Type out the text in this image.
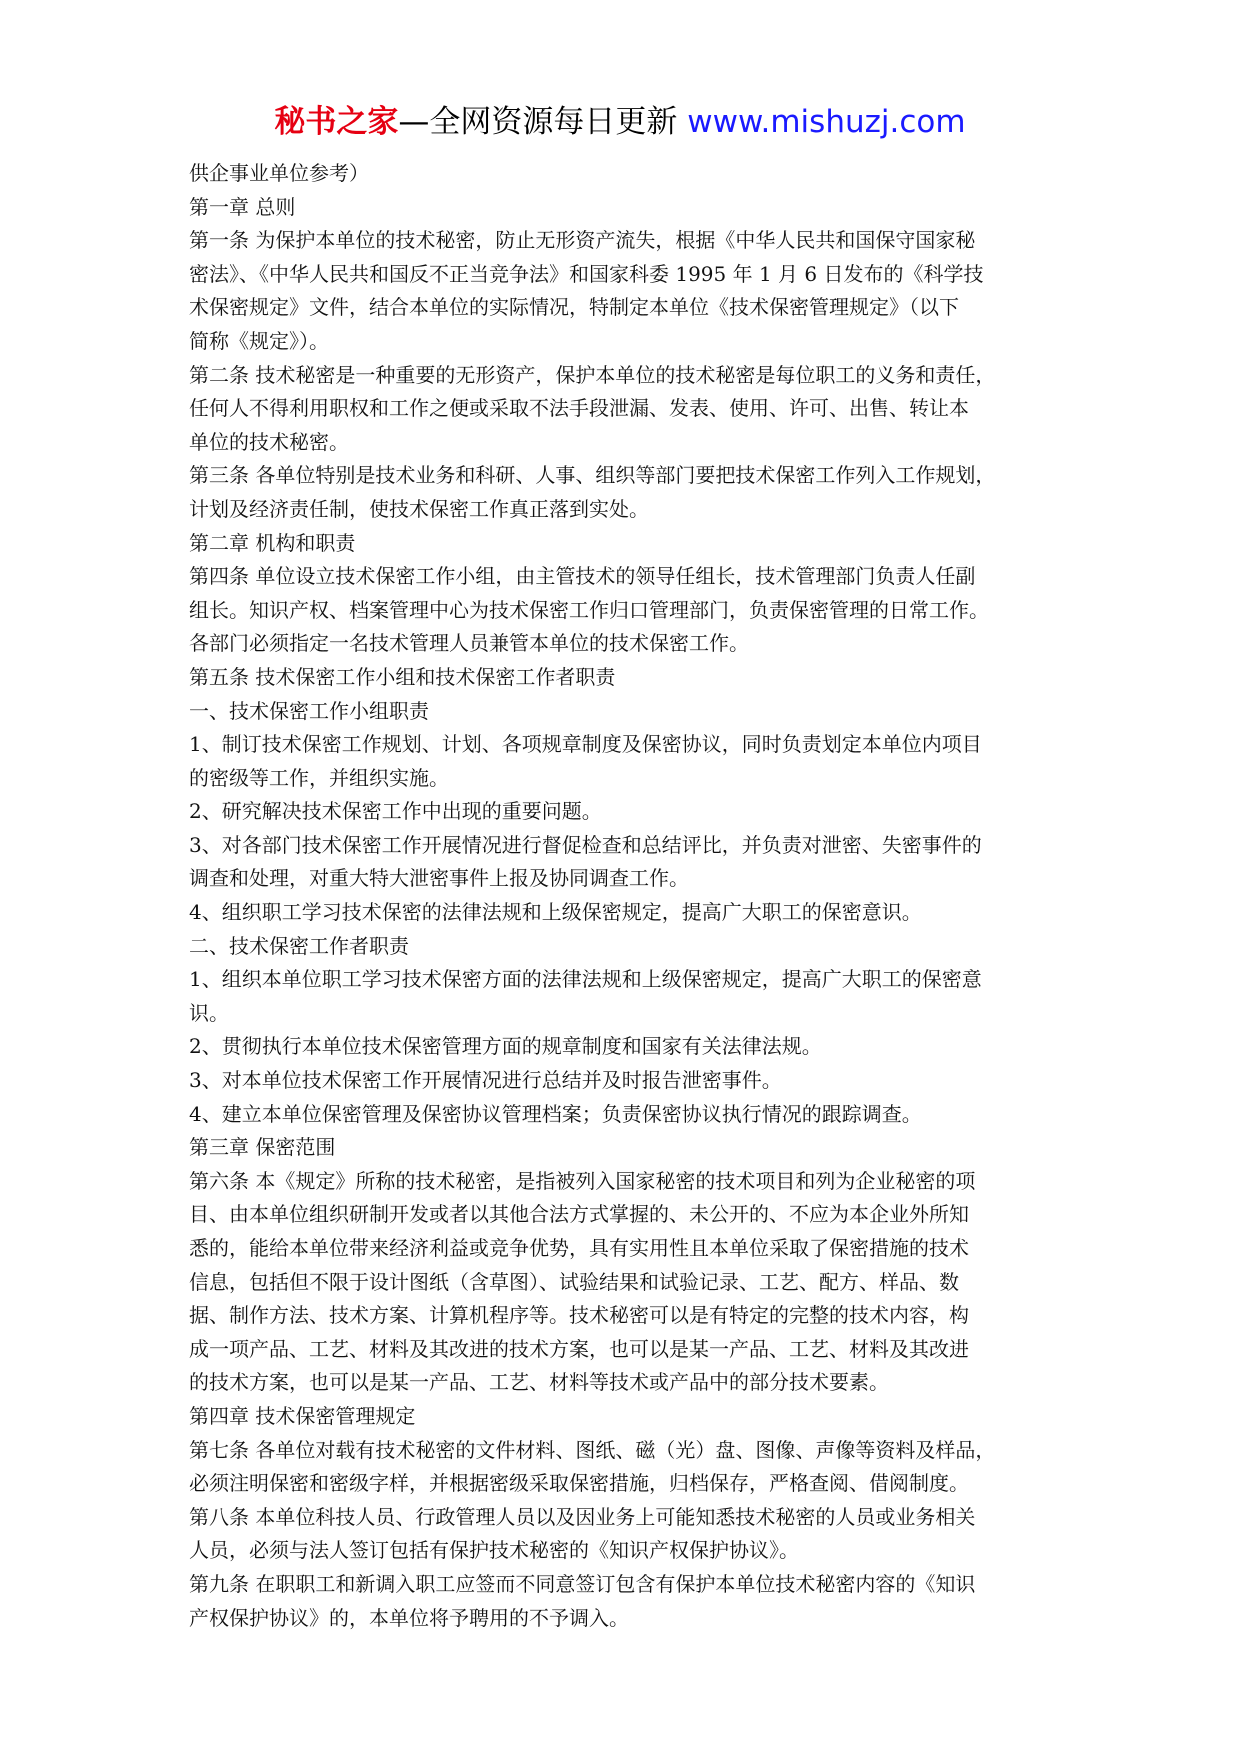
秘书之家—全网资源每日更新 www.mishuzj.com

供企事业单位参考）

第一章 总则

第一条 为保护本单位的技术秘密，防止无形资产流失，根据《中华人民共和国保守国家秘

密法》、《中华人民共和国反不正当竞争法》和国家科委 1995 年 1 月 6 日发布的《科学技

术保密规定》文件，结合本单位的实际情况，特制定本单位《技术保密管理规定》（以下

简称《规定》）。

第二条 技术秘密是一种重要的无形资产，保护本单位的技术秘密是每位职工的义务和责任，

任何人不得利用职权和工作之便或采取不法手段泄漏、发表、使用、许可、出售、转让本

单位的技术秘密。

第三条 各单位特别是技术业务和科研、人事、组织等部门要把技术保密工作列入工作规划，

计划及经济责任制，使技术保密工作真正落到实处。

第二章 机构和职责

第四条 单位设立技术保密工作小组，由主管技术的领导任组长，技术管理部门负责人任副

组长。知识产权、档案管理中心为技术保密工作归口管理部门，负责保密管理的日常工作。

各部门必须指定一名技术管理人员兼管本单位的技术保密工作。

第五条 技术保密工作小组和技术保密工作者职责

一、技术保密工作小组职责

1、制订技术保密工作规划、计划、各项规章制度及保密协议，同时负责划定本单位内项目

的密级等工作，并组织实施。

2、研究解决技术保密工作中出现的重要问题。

3、对各部门技术保密工作开展情况进行督促检查和总结评比，并负责对泄密、失密事件的

调查和处理，对重大特大泄密事件上报及协同调查工作。

4、组织职工学习技术保密的法律法规和上级保密规定，提高广大职工的保密意识。

二、技术保密工作者职责

1、组织本单位职工学习技术保密方面的法律法规和上级保密规定，提高广大职工的保密意

识。

2、贯彻执行本单位技术保密管理方面的规章制度和国家有关法律法规。

3、对本单位技术保密工作开展情况进行总结并及时报告泄密事件。

4、建立本单位保密管理及保密协议管理档案；负责保密协议执行情况的跟踪调查。

第三章 保密范围

第六条 本《规定》所称的技术秘密，是指被列入国家秘密的技术项目和列为企业秘密的项

目、由本单位组织研制开发或者以其他合法方式掌握的、未公开的、不应为本企业外所知

悉的，能给本单位带来经济利益或竞争优势，具有实用性且本单位采取了保密措施的技术

信息，包括但不限于设计图纸（含草图）、试验结果和试验记录、工艺、配方、样品、数

据、制作方法、技术方案、计算机程序等。技术秘密可以是有特定的完整的技术内容，构

成一项产品、工艺、材料及其改进的技术方案，也可以是某一产品、工艺、材料及其改进

的技术方案，也可以是某一产品、工艺、材料等技术或产品中的部分技术要素。

第四章 技术保密管理规定

第七条 各单位对载有技术秘密的文件材料、图纸、磁（光）盘、图像、声像等资料及样品，

必须注明保密和密级字样，并根据密级采取保密措施，归档保存，严格查阅、借阅制度。

第八条 本单位科技人员、行政管理人员以及因业务上可能知悉技术秘密的人员或业务相关

人员，必须与法人签订包括有保护技术秘密的《知识产权保护协议》。

第九条 在职职工和新调入职工应签而不同意签订包含有保护本单位技术秘密内容的《知识

产权保护协议》的，本单位将予聘用的不予调入。
